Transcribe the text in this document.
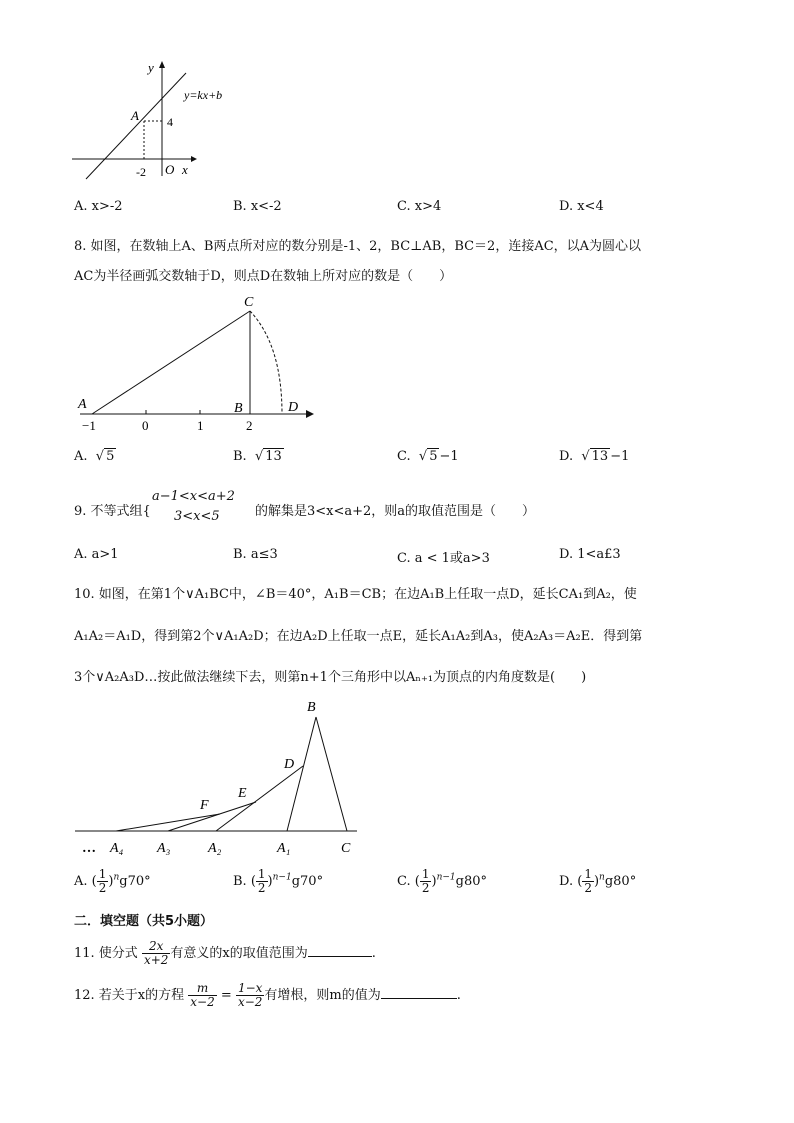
y
x
O
y=kx+b
A 4
-2
A. x>-2	B. x<-2	C. x>4	D. x<4
8. 如图，在数轴上A、B两点所对应的数分别是-1、2，BC⊥AB，BC＝2，连接AC，以A为圆心以
AC为半径画弧交数轴于D，则点D在数轴上所对应的数是（　　）
C
A	B	D
−1	0	1	2
A.  √ 5	B.  √ 13	C.  √ 5 −1	D.  √ 13 −1
9. 不等式组{
a−1<x<a+2
3<x<5	的解集是3<x<a+2，则a的取值范围是（　　）
A. a>1	B. a≤3	C. a < 1或a>3	D. 1<a£3
10. 如图，在第1个∨A₁BC中，∠B＝40°，A₁B＝CB；在边A₁B上任取一点D，延长CA₁到A₂，使
A₁A₂＝A₁D，得到第2个∨A₁A₂D；在边A₂D上任取一点E，延长A₁A₂到A₃，使A₂A₃＝A₂E．得到第
3个∨A₂A₃D…按此做法继续下去，则第n+1个三角形中以Aₙ₊₁为顶点的内角度数是(　　)
B
D
E
F
… A₄ A₃	A₂	A₁	C
A. ( $\frac{1}{2} )^ng70^\circ$	B. ( $\frac{1}{2} )^{n-1}g70^\circ$	C. ( $\frac{1}{2} )^{n-1}g80^\circ$	D. ( $\frac{1}{2} )^ng80^\circ$
二．填空题（共5小题）
11. 使分式 $\frac{2x}{x+2}$ 有意义的x的取值范围为	.
12. 若关于x的方程 $\frac{m}{x-2} = \frac{1-x}{x-2}$ 有增根，则m的值为	.
